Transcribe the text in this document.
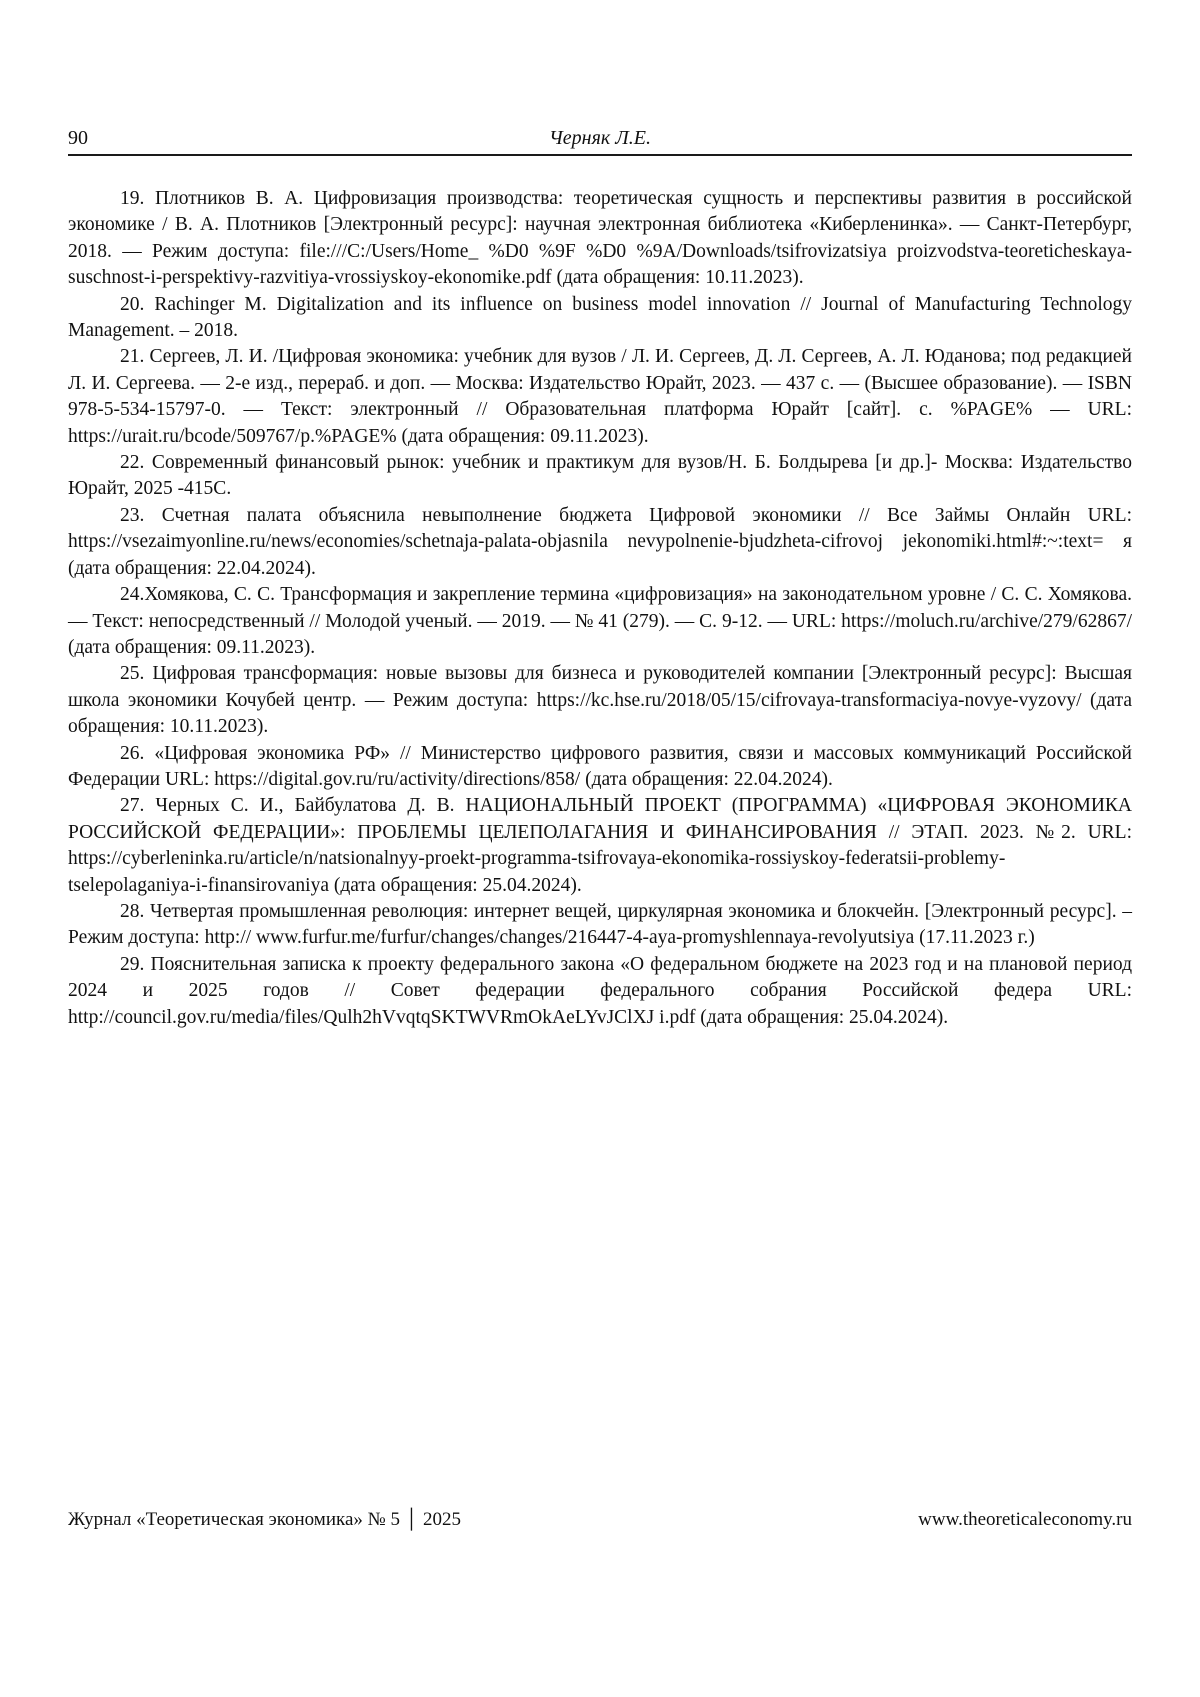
90	Черняк Л.Е.

19. Плотников В. А. Цифровизация производства: теоретическая сущность и перспективы развития в российской экономике / В. А. Плотников [Электронный ресурс]: научная электронная библиотека «Киберленинка». — Санкт-Петербург, 2018. — Режим доступа: file:///C:/Users/Home_ %D0 %9F %D0 %9A/Downloads/tsifrovizatsiya proizvodstva-teoreticheskaya-suschnost-i-perspektivy-razvitiya-vrossiyskoy-ekonomike.pdf (дата обращения: 10.11.2023).

20. Rachinger M. Digitalization and its influence on business model innovation // Journal of Manufacturing Technology Management. – 2018.

21. Сергеев, Л. И. /Цифровая экономика: учебник для вузов / Л. И. Сергеев, Д. Л. Сергеев, А. Л. Юданова; под редакцией Л. И. Сергеева. — 2-е изд., перераб. и доп. — Москва: Издательство Юрайт, 2023. — 437 с. — (Высшее образование). — ISBN 978-5-534-15797-0. — Текст: электронный // Образовательная платформа Юрайт [сайт]. с. %PAGE% — URL: https://urait.ru/bcode/509767/p.%PAGE% (дата обращения: 09.11.2023).

22. Современный финансовый рынок: учебник и практикум для вузов/Н. Б. Болдырева [и др.]- Москва: Издательство Юрайт, 2025 -415С.

23. Счетная палата объяснила невыполнение бюджета Цифровой экономики // Все Займы Онлайн URL: https://vsezaimyonline.ru/news/economies/schetnaja-palata-objasnila nevypolnenie-bjudzheta-cifrovoj jekonomiki.html#:~:text= я (дата обращения: 22.04.2024).

24.Хомякова, С. С. Трансформация и закрепление термина «цифровизация» на законодательном уровне / С. С. Хомякова. — Текст: непосредственный // Молодой ученый. — 2019. — № 41 (279). — С. 9-12. — URL: https://moluch.ru/archive/279/62867/ (дата обращения: 09.11.2023).

25. Цифровая трансформация: новые вызовы для бизнеса и руководителей компании [Электронный ресурс]: Высшая школа экономики Кочубей центр. — Режим доступа: https://kc.hse.ru/2018/05/15/cifrovaya-transformaciya-novye-vyzovy/ (дата обращения: 10.11.2023).

26. «Цифровая экономика РФ» // Министерство цифрового развития, связи и массовых коммуникаций Российской Федерации URL: https://digital.gov.ru/ru/activity/directions/858/ (дата обращения: 22.04.2024).

27. Черных С. И., Байбулатова Д. В. НАЦИОНАЛЬНЫЙ ПРОЕКТ (ПРОГРАММА) «ЦИФРОВАЯ ЭКОНОМИКА РОССИЙСКОЙ ФЕДЕРАЦИИ»: ПРОБЛЕМЫ ЦЕЛЕПОЛАГАНИЯ И ФИНАНСИРОВАНИЯ // ЭТАП. 2023. №2. URL: https://cyberleninka.ru/article/n/natsionalnyy-proekt-programma-tsifrovaya-ekonomika-rossiyskoy-federatsii-problemy-tselepolaganiya-i-finansirovaniya (дата обращения: 25.04.2024).

28. Четвертая промышленная революция: интернет вещей, циркулярная экономика и блокчейн. [Электронный ресурс]. – Режим доступа: http:// www.furfur.me/furfur/changes/changes/216447-4-aya-promyshlennaya-revolyutsiya (17.11.2023 г.)

29. Пояснительная записка к проекту федерального закона «О федеральном бюджете на 2023 год и на плановой период 2024 и 2025 годов // Совет федерации федерального собрания Российской федера URL: http://council.gov.ru/media/files/Qulh2hVvqtqSKTWVRmOkAeLYvJClXJ i.pdf (дата обращения: 25.04.2024).

Журнал «Теоретическая экономика» № 5 │ 2025	www.theoreticaleconomy.ru
